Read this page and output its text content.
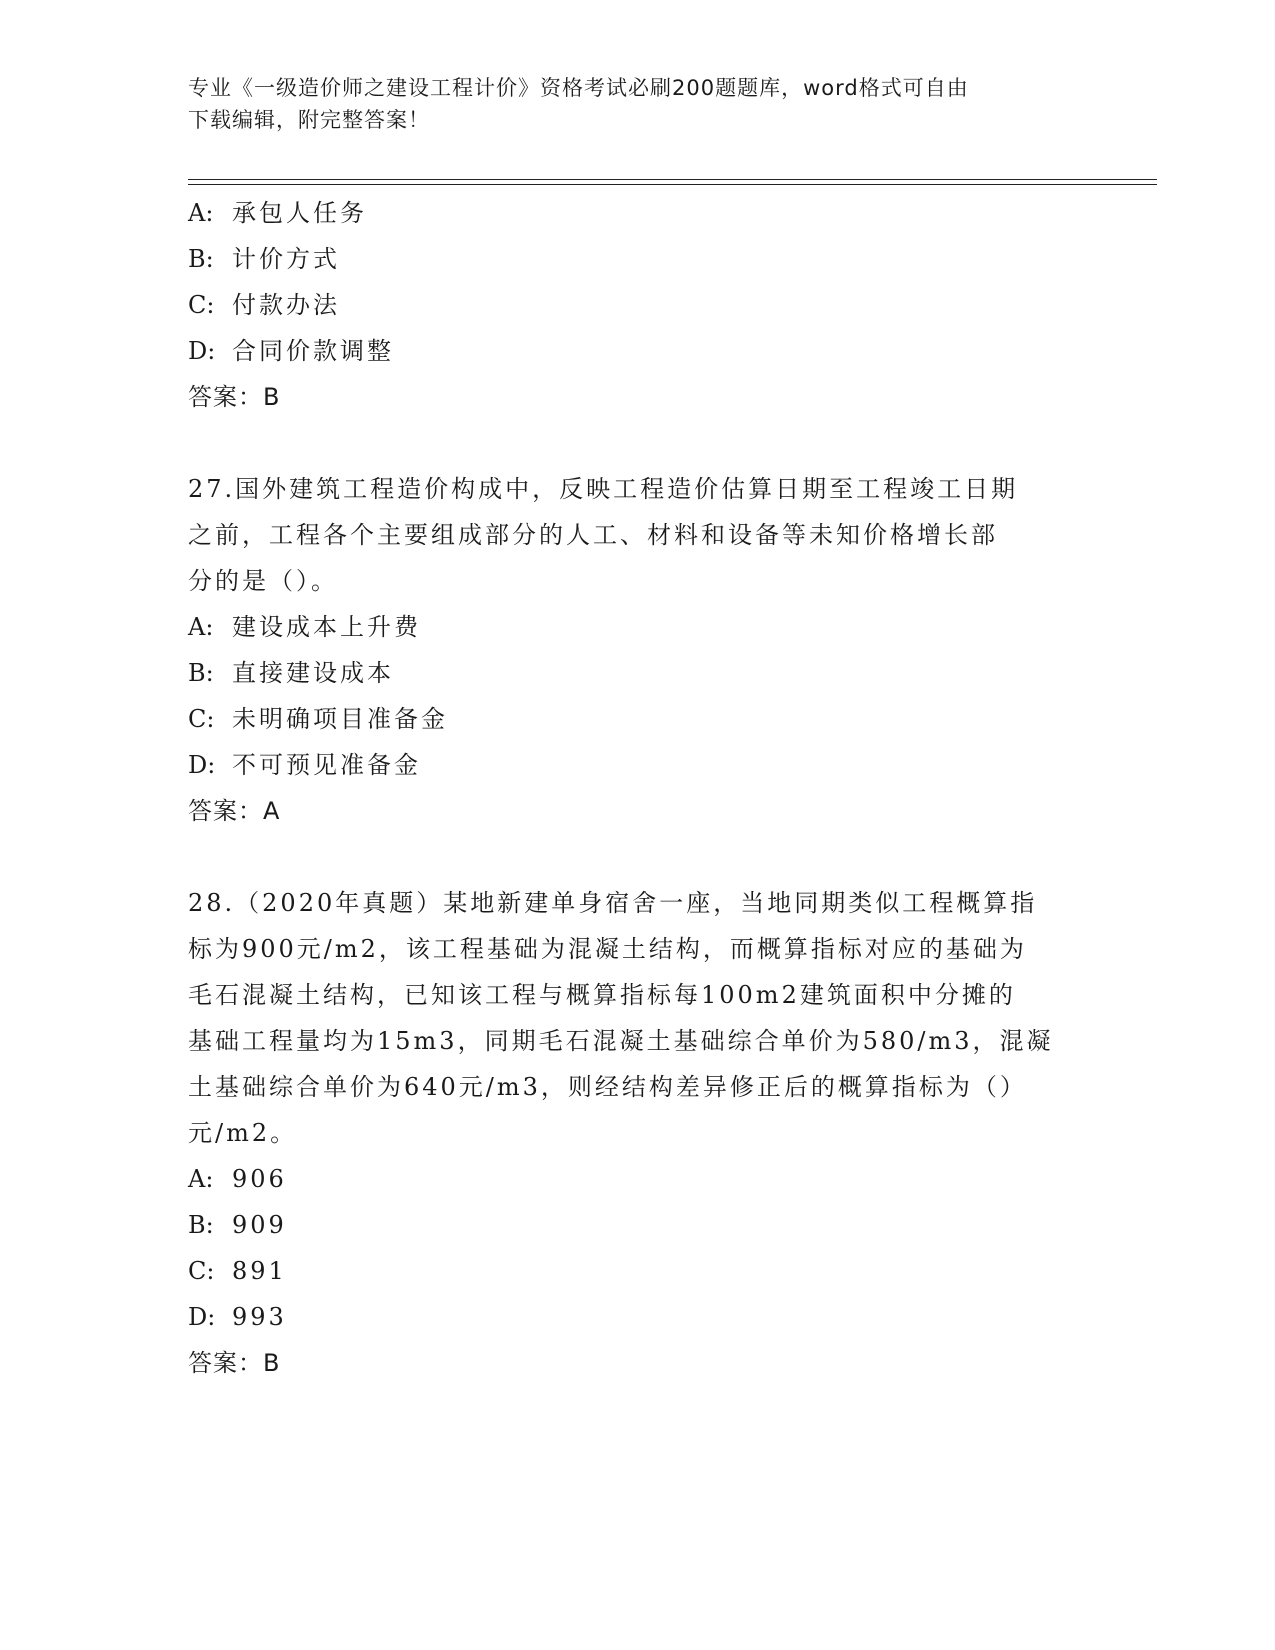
专业《一级造价师之建设工程计价》资格考试必刷200题题库，word格式可自由
下载编辑，附完整答案！
A: 承包人任务
B: 计价方式
C: 付款办法
D: 合同价款调整
答案：B
27.国外建筑工程造价构成中，反映工程造价估算日期至工程竣工日期
之前，工程各个主要组成部分的人工、材料和设备等未知价格增长部
分的是（）。
A: 建设成本上升费
B: 直接建设成本
C: 未明确项目准备金
D: 不可预见准备金
答案：A
28.（2020年真题）某地新建单身宿舍一座，当地同期类似工程概算指
标为900元/m2，该工程基础为混凝土结构，而概算指标对应的基础为
毛石混凝土结构，已知该工程与概算指标每100m2建筑面积中分摊的
基础工程量均为15m3，同期毛石混凝土基础综合单价为580/m3，混凝
土基础综合单价为640元/m3，则经结构差异修正后的概算指标为（）
元/m2。
A: 906
B: 909
C: 891
D: 993
答案：B
